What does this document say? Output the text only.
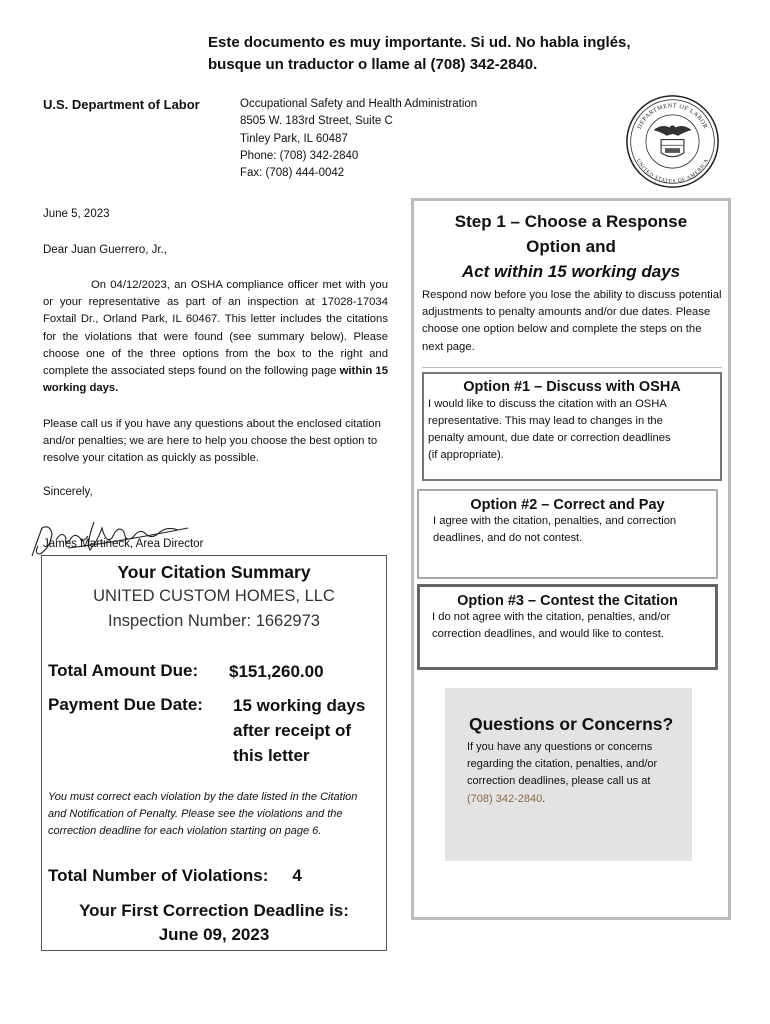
Este documento es muy importante. Si ud. No habla inglés,
busque un traductor o llame al (708) 342-2840.
U.S. Department of Labor	Occupational Safety and Health Administration
8505 W. 183rd Street, Suite C
Tinley Park, IL 60487
Phone: (708) 342-2840
Fax: (708) 444-0042
DEPARTMENT OF LABOR
UNITED STATES OF AMERICA
June 5, 2023
Dear Juan Guerrero, Jr.,
On 04/12/2023, an OSHA compliance officer met with you or your representative as part of an inspection at 17028-17034 Foxtail Dr., Orland Park, IL 60467. This letter includes the citations for the violations that were found (see summary below). Please choose one of the three options from the box to the right and complete the associated steps found on the following page within 15 working days.
Please call us if you have any questions about the enclosed citation and/or penalties; we are here to help you choose the best option to resolve your citation as quickly as possible.
Sincerely,
James Martineck, Area Director
Your Citation Summary
UNITED CUSTOM HOMES, LLC
Inspection Number: 1662973
Total Amount Due: $151,260.00
Payment Due Date: 15 working days
after receipt of
this letter
You must correct each violation by the date listed in the Citation and Notification of Penalty. Please see the violations and the correction deadline for each violation starting on page 6.
Total Number of Violations: 4
Your First Correction Deadline is:
June 09, 2023
Step 1 – Choose a Response
Option and
Act within 15 working days
Respond now before you lose the ability to discuss potential adjustments to penalty amounts and/or due dates. Please choose one option below and complete the steps on the next page.
Option #1 – Discuss with OSHA
I would like to discuss the citation with an OSHA representative. This may lead to changes in the penalty amount, due date or correction deadlines (if appropriate).
Option #2 – Correct and Pay
I agree with the citation, penalties, and correction deadlines, and do not contest.
Option #3 – Contest the Citation
I do not agree with the citation, penalties, and/or correction deadlines, and would like to contest.
Questions or Concerns?
If you have any questions or concerns regarding the citation, penalties, and/or correction deadlines, please call us at (708) 342-2840.
